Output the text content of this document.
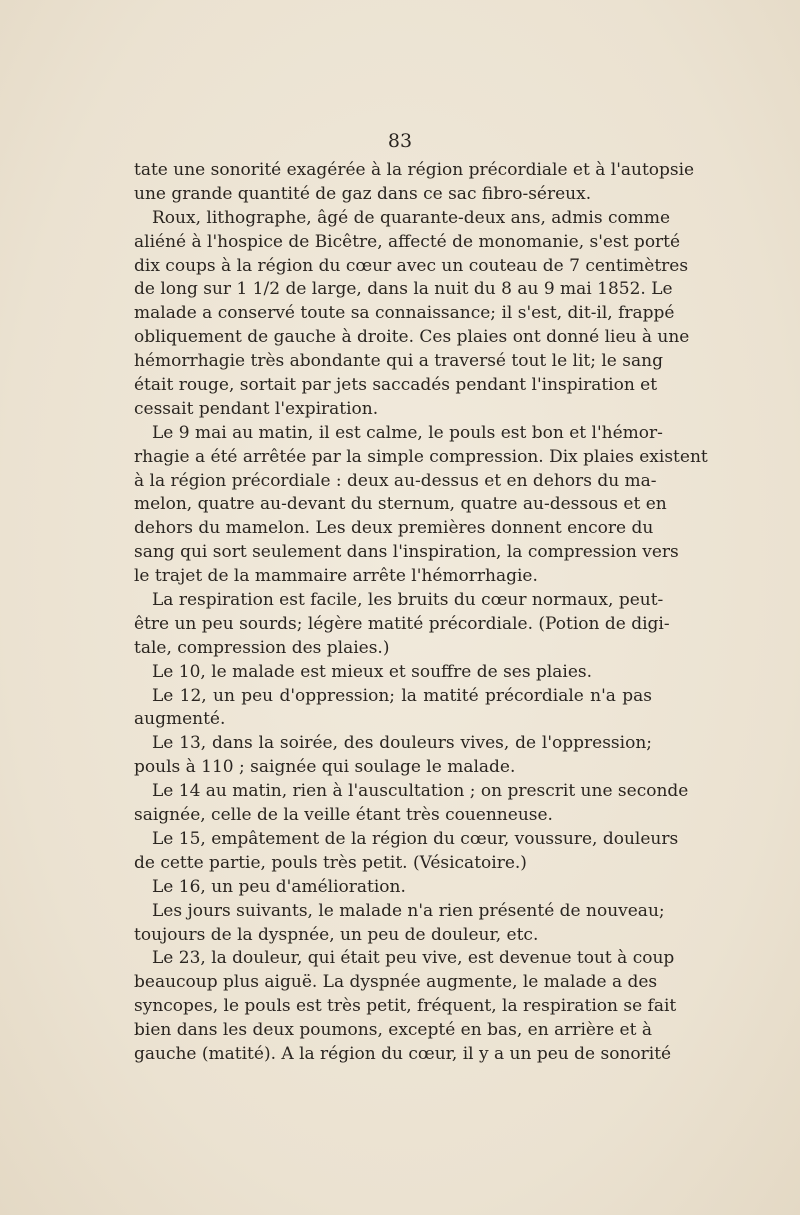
83
tate une sonorité exagérée à la région précordiale et à l'autopsie
une grande quantité de gaz dans ce sac fibro-séreux.
Roux, lithographe, âgé de quarante-deux ans, admis comme
aliéné à l'hospice de Bicêtre, affecté de monomanie, s'est porté
dix coups à la région du cœur avec un couteau de 7 centimètres
de long sur 1 1/2 de large, dans la nuit du 8 au 9 mai 1852. Le
malade a conservé toute sa connaissance; il s'est, dit-il, frappé
obliquement de gauche à droite. Ces plaies ont donné lieu à une
hémorrhagie très abondante qui a traversé tout le lit; le sang
était rouge, sortait par jets saccadés pendant l'inspiration et
cessait pendant l'expiration.
Le 9 mai au matin, il est calme, le pouls est bon et l'hémor-
rhagie a été arrêtée par la simple compression. Dix plaies existent
à la région précordiale : deux au-dessus et en dehors du ma-
melon, quatre au-devant du sternum, quatre au-dessous et en
dehors du mamelon. Les deux premières donnent encore du
sang qui sort seulement dans l'inspiration, la compression vers
le trajet de la mammaire arrête l'hémorrhagie.
La respiration est facile, les bruits du cœur normaux, peut-
être un peu sourds; légère matité précordiale. (Potion de digi-
tale, compression des plaies.)
Le 10, le malade est mieux et souffre de ses plaies.
Le 12, un peu d'oppression; la matité précordiale n'a pas
augmenté.
Le 13, dans la soirée, des douleurs vives, de l'oppression;
pouls à 110 ; saignée qui soulage le malade.
Le 14 au matin, rien à l'auscultation ; on prescrit une seconde
saignée, celle de la veille étant très couenneuse.
Le 15, empâtement de la région du cœur, voussure, douleurs
de cette partie, pouls très petit. (Vésicatoire.)
Le 16, un peu d'amélioration.
Les jours suivants, le malade n'a rien présenté de nouveau;
toujours de la dyspnée, un peu de douleur, etc.
Le 23, la douleur, qui était peu vive, est devenue tout à coup
beaucoup plus aiguë. La dyspnée augmente, le malade a des
syncopes, le pouls est très petit, fréquent, la respiration se fait
bien dans les deux poumons, excepté en bas, en arrière et à
gauche (matité). A la région du cœur, il y a un peu de sonorité
